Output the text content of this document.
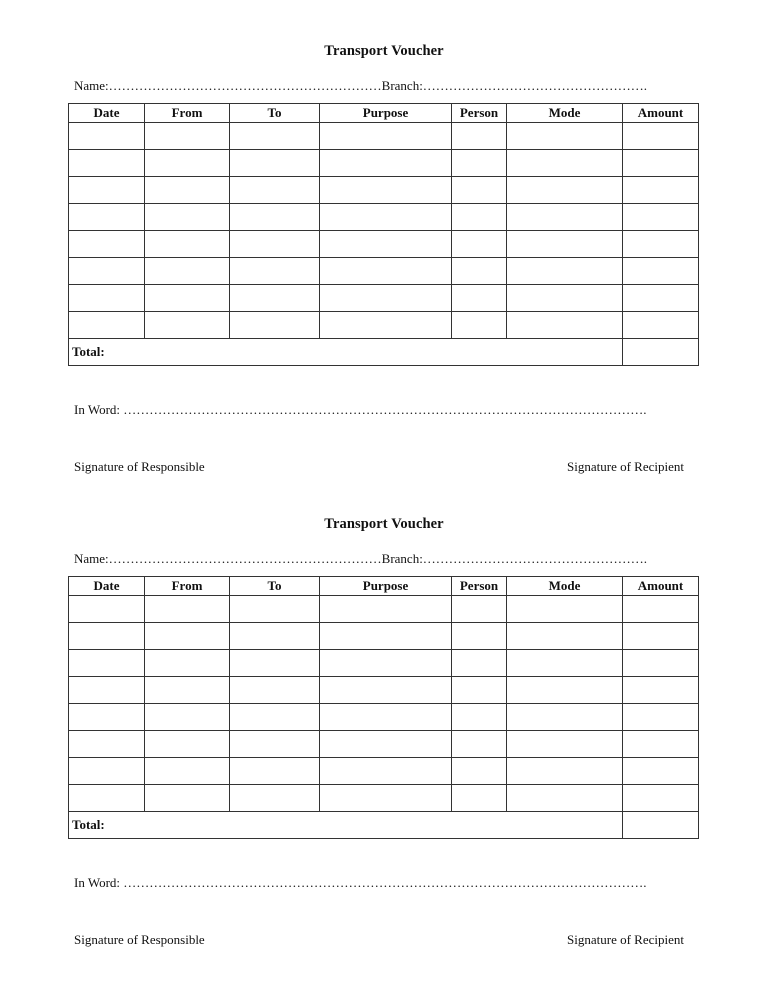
Transport Voucher
Name:………………………………………………………Branch:…………………………………………….
Date	From	To	Purpose	Person	Mode	Amount

Total:						
In Word: ………………………………………………………………………………………………………….
Signature of Responsible	Signature of Recipient
Transport Voucher
Name:………………………………………………………Branch:…………………………………………….
Date	From	To	Purpose	Person	Mode	Amount

Total:						
In Word: ………………………………………………………………………………………………………….
Signature of Responsible	Signature of Recipient
